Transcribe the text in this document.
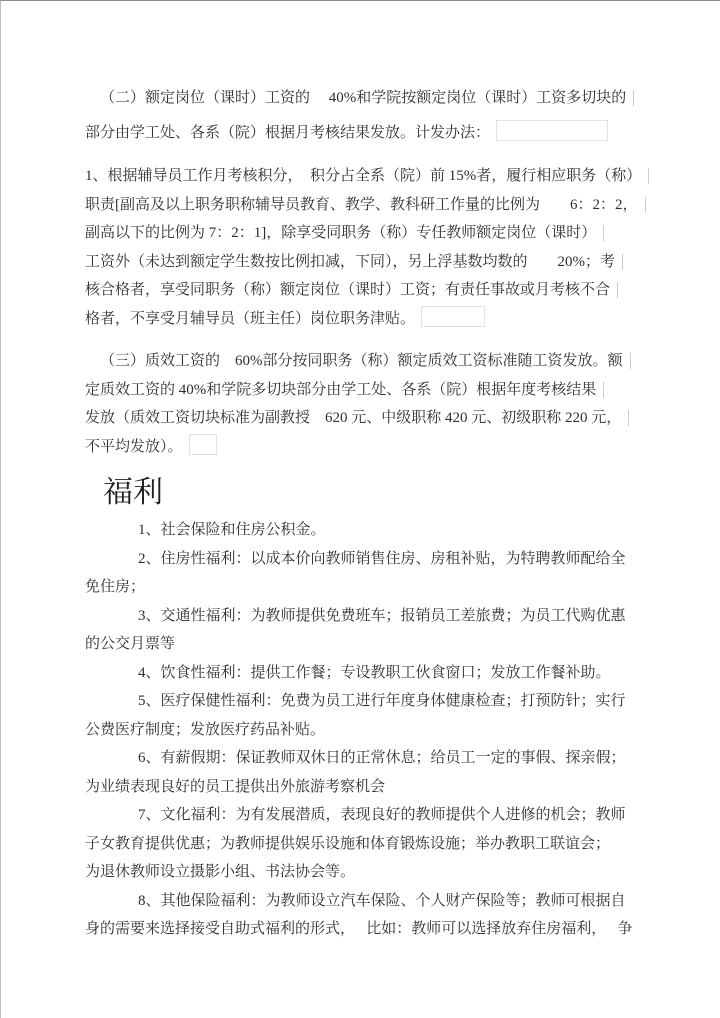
（二）额定岗位（课时）工资的　 40%和学院按额定岗位（课时）工资多切块的
部分由学工处、各系（院）根据月考核结果发放。计发办法：
1、根据辅导员工作月考核积分，　积分占全系（院）前 15%者，履行相应职务（称）
职责[副高及以上职务职称辅导员教育、教学、教科研工作量的比例为　　6：2：2，
副高以下的比例为 7：2：1]，除享受同职务（称）专任教师额定岗位（课时）
工资外（未达到额定学生数按比例扣减，下同），另上浮基数均数的　　20%；考
核合格者，享受同职务（称）额定岗位（课时）工资；有责任事故或月考核不合
格者，不享受月辅导员（班主任）岗位职务津贴。
（三）质效工资的　60%部分按同职务（称）额定质效工资标准随工资发放。额
定质效工资的 40%和学院多切块部分由学工处、各系（院）根据年度考核结果
发放（质效工资切块标准为副教授　620 元、中级职称 420 元、初级职称 220 元，
不平均发放）。
福利
1、社会保险和住房公积金。
2、住房性福利：以成本价向教师销售住房、房租补贴，为特聘教师配给全
免住房；
3、交通性福利：为教师提供免费班车；报销员工差旅费；为员工代购优惠
的公交月票等
4、饮食性福利：提供工作餐；专设教职工伙食窗口；发放工作餐补助。
5、医疗保健性福利：免费为员工进行年度身体健康检查；打预防针；实行
公费医疗制度；发放医疗药品补贴。
6、有薪假期：保证教师双休日的正常休息；给员工一定的事假、探亲假；
为业绩表现良好的员工提供出外旅游考察机会
7、文化福利：为有发展潜质，表现良好的教师提供个人进修的机会；教师
子女教育提供优惠；为教师提供娱乐设施和体育锻炼设施；举办教职工联谊会；
为退休教师设立摄影小组、书法协会等。
8、其他保险福利：为教师设立汽车保险、个人财产保险等；教师可根据自
身的需要来选择接受自助式福利的形式，　 比如：教师可以选择放弃住房福利，　 争
